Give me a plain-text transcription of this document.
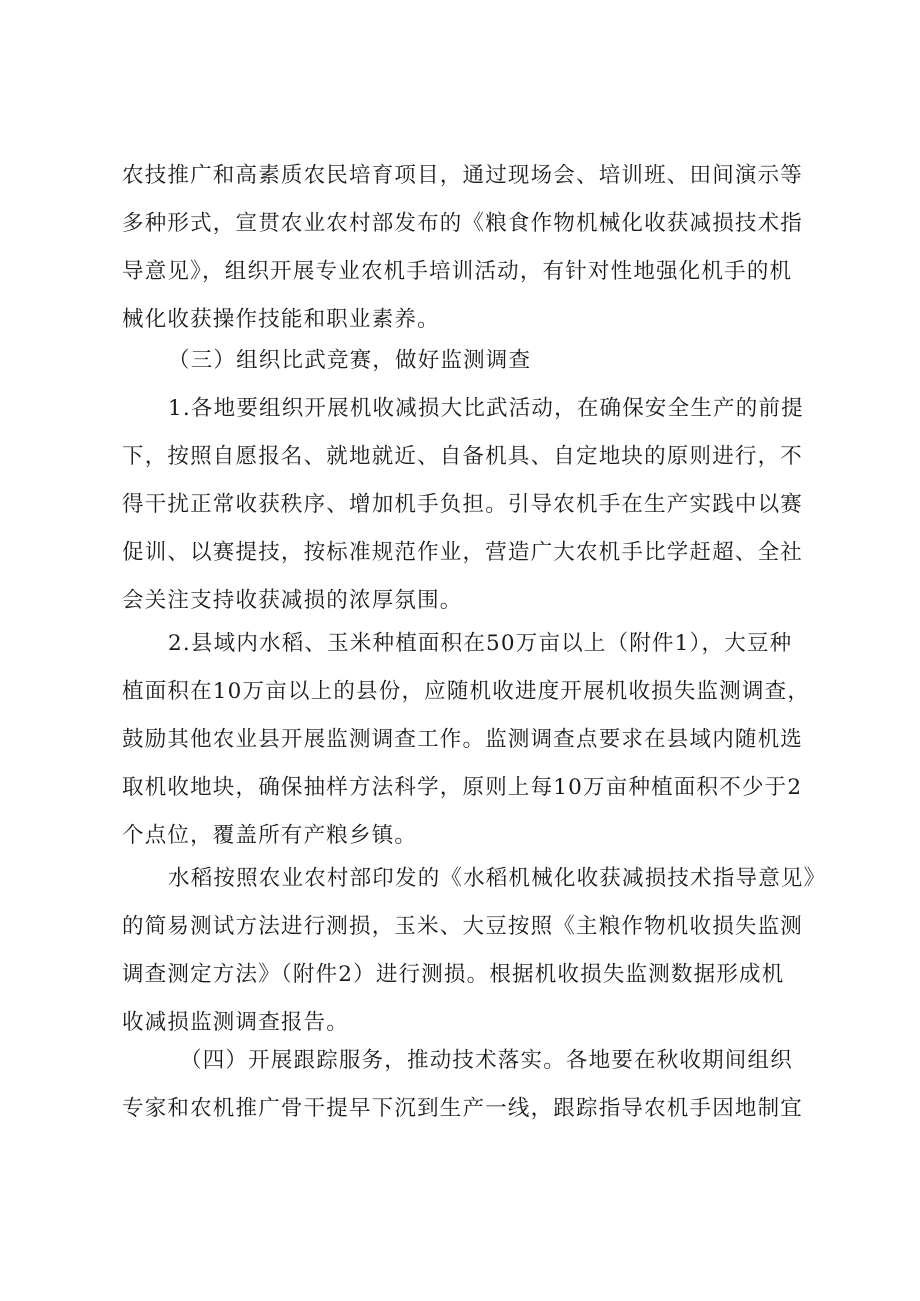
农技推广和高素质农民培育项目，通过现场会、培训班、田间演示等
多种形式，宣贯农业农村部发布的《粮食作物机械化收获减损技术指
导意见》，组织开展专业农机手培训活动，有针对性地强化机手的机
械化收获操作技能和职业素养。
（三）组织比武竞赛，做好监测调查
1.各地要组织开展机收减损大比武活动，在确保安全生产的前提
下，按照自愿报名、就地就近、自备机具、自定地块的原则进行，不
得干扰正常收获秩序、增加机手负担。引导农机手在生产实践中以赛
促训、以赛提技，按标准规范作业，营造广大农机手比学赶超、全社
会关注支持收获减损的浓厚氛围。
2.县域内水稻、玉米种植面积在50万亩以上（附件1），大豆种
植面积在10万亩以上的县份，应随机收进度开展机收损失监测调查，
鼓励其他农业县开展监测调查工作。监测调查点要求在县域内随机选
取机收地块，确保抽样方法科学，原则上每10万亩种植面积不少于2
个点位，覆盖所有产粮乡镇。
水稻按照农业农村部印发的《水稻机械化收获减损技术指导意见》
的简易测试方法进行测损，玉米、大豆按照《主粮作物机收损失监测
调查测定方法》（附件2）进行测损。根据机收损失监测数据形成机
收减损监测调查报告。
（四）开展跟踪服务，推动技术落实。各地要在秋收期间组织
专家和农机推广骨干提早下沉到生产一线，跟踪指导农机手因地制宜
